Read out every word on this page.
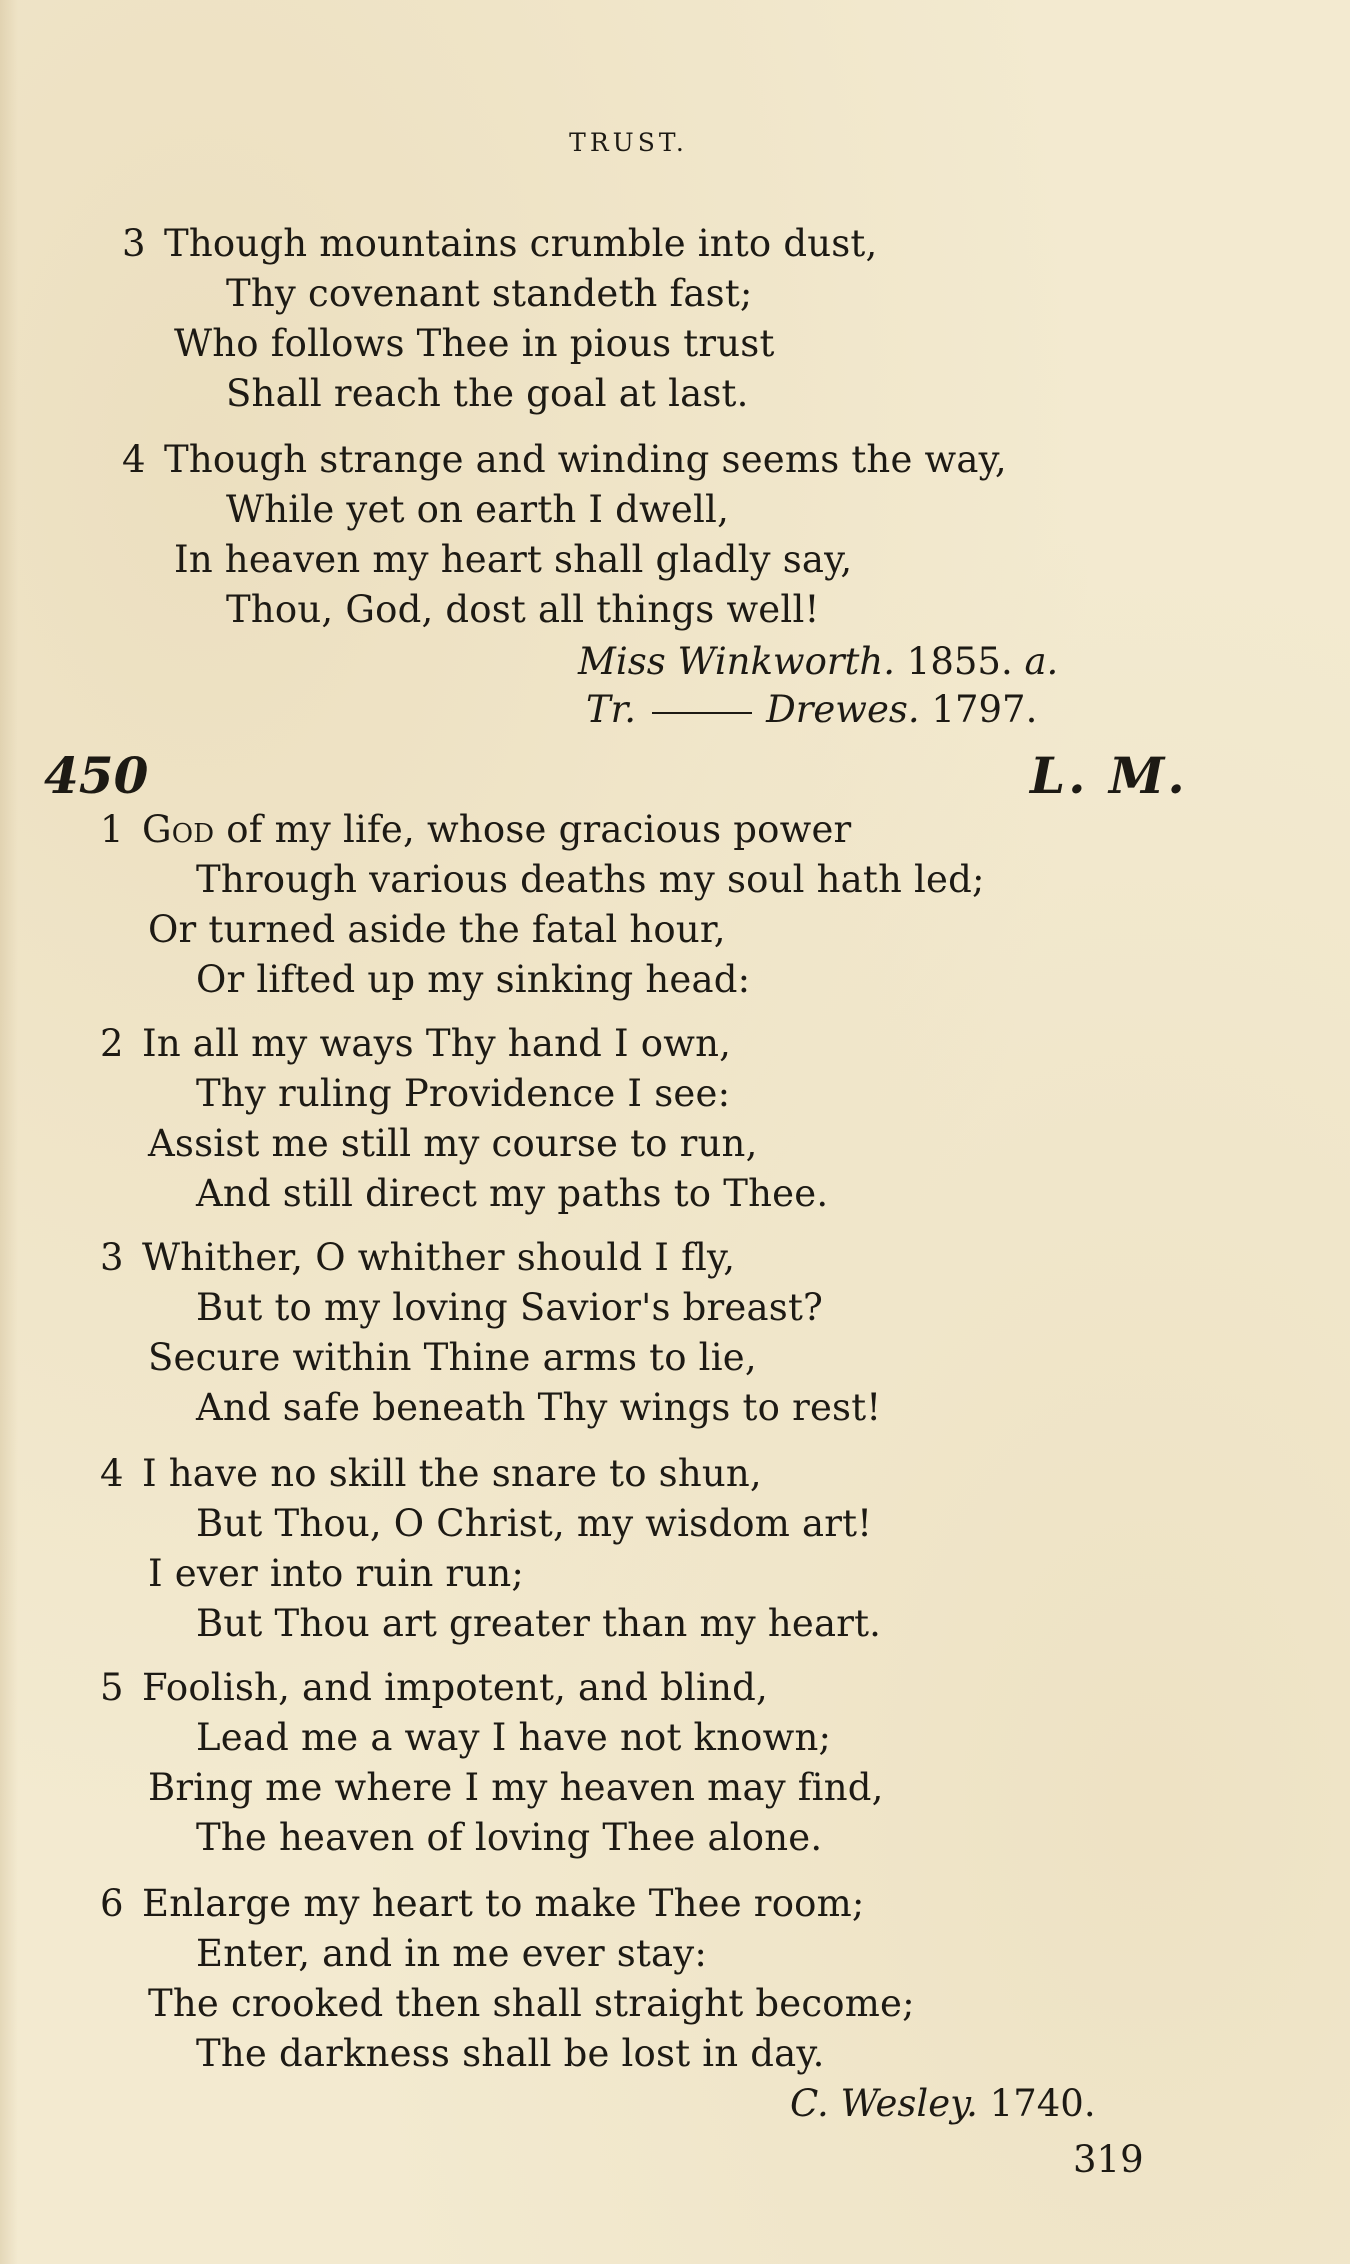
TRUST.
3 Though mountains crumble into dust,
Thy covenant standeth fast;
Who follows Thee in pious trust
Shall reach the goal at last.
4 Though strange and winding seems the way,
While yet on earth I dwell,
In heaven my heart shall gladly say,
Thou, God, dost all things well!
Miss Winkworth. 1855. a.
Tr.	Drewes. 1797.
450	L. M.
1 God of my life, whose gracious power
Through various deaths my soul hath led;
Or turned aside the fatal hour,
Or lifted up my sinking head:
2 In all my ways Thy hand I own,
Thy ruling Providence I see:
Assist me still my course to run,
And still direct my paths to Thee.
3 Whither, O whither should I fly,
But to my loving Savior's breast?
Secure within Thine arms to lie,
And safe beneath Thy wings to rest!
4 I have no skill the snare to shun,
But Thou, O Christ, my wisdom art!
I ever into ruin run;
But Thou art greater than my heart.
5 Foolish, and impotent, and blind,
Lead me a way I have not known;
Bring me where I my heaven may find,
The heaven of loving Thee alone.
6 Enlarge my heart to make Thee room;
Enter, and in me ever stay:
The crooked then shall straight become;
The darkness shall be lost in day.
C. Wesley. 1740.
319
